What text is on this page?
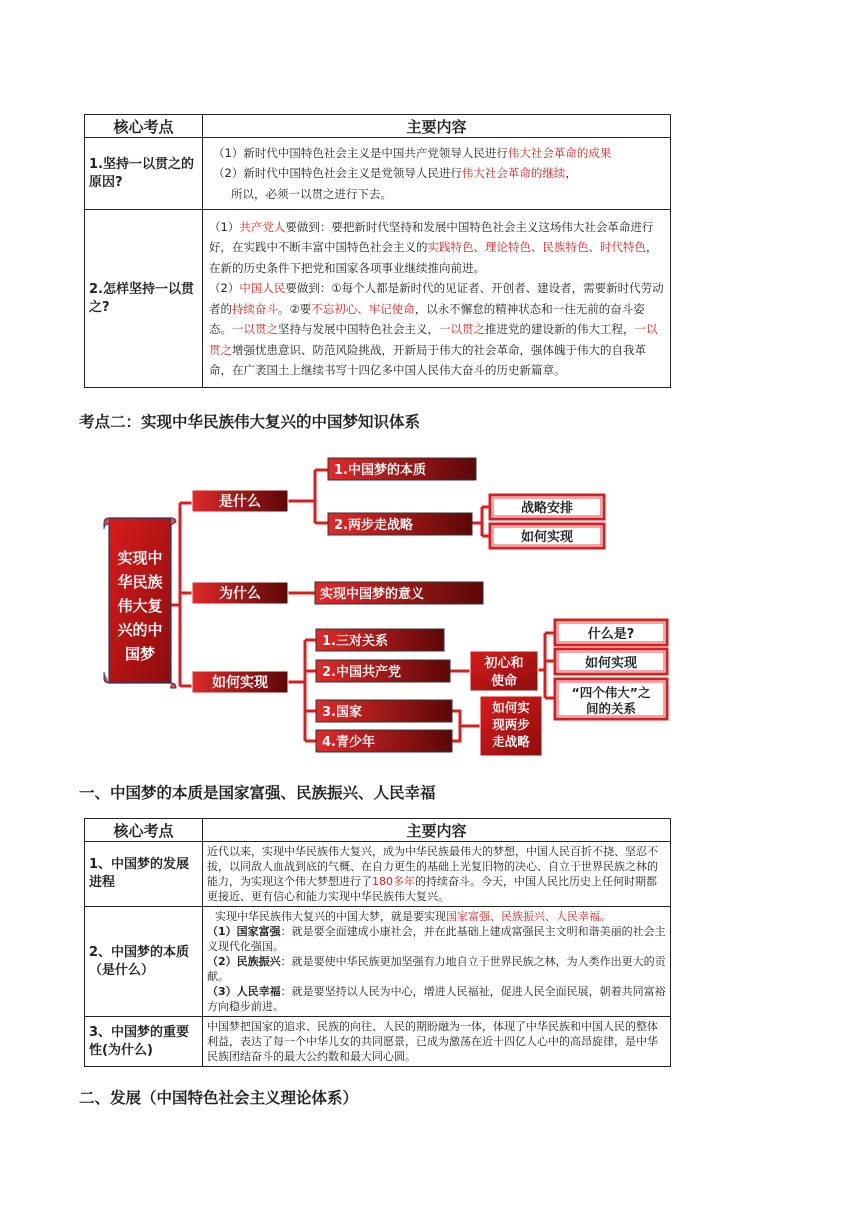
核心考点	主要内容
1.坚持一以贯之的原因?	（1）新时代中国特色社会主义是中国共产党领导人民进行伟大社会革命的成果
（2）新时代中国特色社会主义是党领导人民进行伟大社会革命的继续，
所以，必须一以贯之进行下去。

2.怎样坚持一以贯之?	（1）共产党人要做到：要把新时代坚持和发展中国特色社会主义这场伟大社会革命进行好，在实践中不断丰富中国特色社会主义的实践特色、理论特色、民族特色、时代特色，在新的历史条件下把党和国家各项事业继续推向前进。
（2）中国人民要做到：①每个人都是新时代的见证者、开创者、建设者，需要新时代劳动者的持续奋斗。②要不忘初心、牢记使命，以永不懈怠的精神状态和一往无前的奋斗姿态。一以贯之坚持与发展中国特色社会主义，一以贯之推进党的建设新的伟大工程，一以贯之增强忧患意识、防范风险挑战，开新局于伟大的社会革命，强体魄于伟大的自我革命，在广袤国土上继续书写十四亿多中国人民伟大奋斗的历史新篇章。
考点二：实现中华民族伟大复兴的中国梦知识体系
实现中
华民族
伟大复
兴的中
国梦
是什么
为什么
如何实现
1.中国梦的本质
2.两步走战略
实现中国梦的意义
1.三对关系
2.中国共产党
3.国家
4.青少年
战略安排
如何实现
初心和
使命
什么是?
如何实现
“四个伟大”之
间的关系
如何实
现两步
走战略
一、中国梦的本质是国家富强、民族振兴、人民幸福
核心考点	主要内容
1、中国梦的发展进程	近代以来，实现中华民族伟大复兴，成为中华民族最伟大的梦想，中国人民百折不挠、坚忍不拔，以同敌人血战到底的气概、在自力更生的基础上光复旧物的决心、自立于世界民族之林的能力，为实现这个伟大梦想进行了180多年的持续奋斗。今天，中国人民比历史上任何时期都更接近、更有信心和能力实现中华民族伟大复兴。
2、中国梦的本质（是什么）	实现中华民族伟大复兴的中国大梦，就是要实现国家富强、民族振兴、人民幸福。
（1）国家富强：就是要全面建成小康社会，并在此基础上建成富强民主文明和谐美丽的社会主义现代化强国。
（2）民族振兴：就是要使中华民族更加坚强有力地自立于世界民族之林，为人类作出更大的贡献。
（3）人民幸福：就是要坚持以人民为中心，增进人民福祉，促进人民全面民展，朝着共同富裕方向稳步前进。

3、中国梦的重要性(为什么)	中国梦把国家的追求、民族的向往、人民的期盼融为一体，体现了中华民族和中国人民的整体利益，表达了每一个中华儿女的共同愿景，已成为激荡在近十四亿人心中的高昂旋律，是中华民族团结奋斗的最大公约数和最大同心圆。
二、发展（中国特色社会主义理论体系）
